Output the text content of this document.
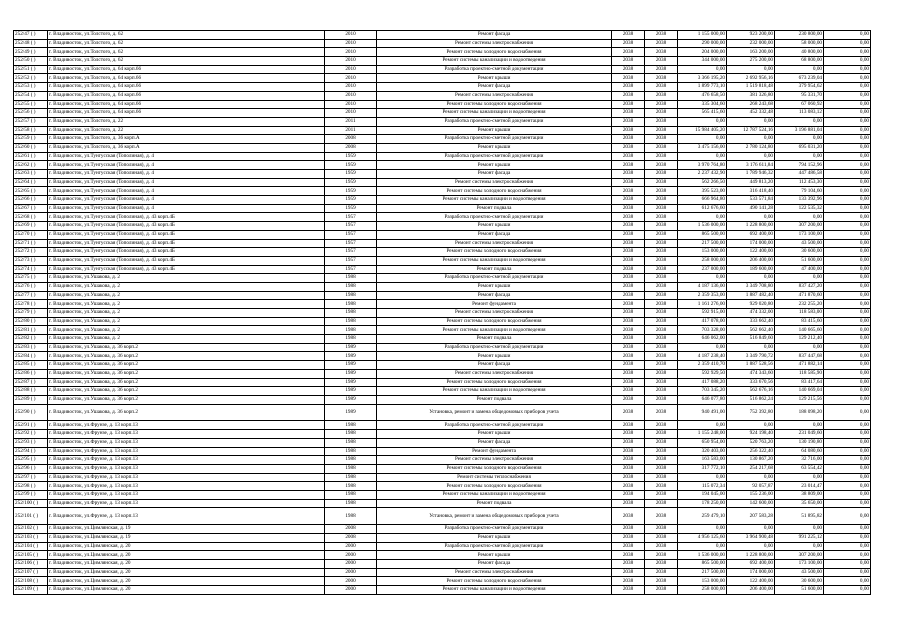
252/47 ( )	г. Владивосток, ул.Толстого, д. 62	2010	Ремонт фасада	2038	2038	1 155 000,00	923 200,00	230 800,00	0,00
252/48 ( )	г. Владивосток, ул.Толстого, д. 62	2010	Ремонт системы электроснабжения	2038	2038	290 000,00	232 000,00	58 000,00	0,00
252/49 ( )	г. Владивосток, ул.Толстого, д. 62	2010	Ремонт системы холодного водоснабжения	2038	2038	204 000,00	163 200,00	40 800,00	0,00
252/50 ( )	г. Владивосток, ул.Толстого, д. 62	2010	Ремонт системы канализации и водоотведения	2038	2038	344 000,00	275 200,00	68 800,00	0,00
252/51 ( )	г. Владивосток, ул.Толстого, д. 64 корп.66	2010	Разработка проектно-сметной документации	2038	2038	0,00	0,00	0,00	0,00
252/52 ( )	г. Владивосток, ул.Толстого, д. 64 корп.66	2010	Ремонт крыши	2038	2038	3 366 195,20	2 692 956,16	673 239,04	0,00
252/53 ( )	г. Владивосток, ул.Толстого, д. 64 корп.66	2010	Ремонт фасада	2038	2038	1 899 773,10	1 519 818,48	379 954,62	0,00
252/54 ( )	г. Владивосток, ул.Толстого, д. 64 корп.66	2010	Ремонт системы электроснабжения	2038	2038	476 658,50	381 326,80	95 331,70	0,00
252/55 ( )	г. Владивосток, ул.Толстого, д. 64 корп.66	2010	Ремонт системы холодного водоснабжения	2038	2038	335 304,60	268 243,68	67 060,92	0,00
252/56 ( )	г. Владивосток, ул.Толстого, д. 64 корп.66	2010	Ремонт системы канализации и водоотведения	2038	2038	565 415,60	452 332,48	113 083,12	0,00
252/57 ( )	г. Владивосток, ул.Толстого, д. 22	2011	Разработка проектно-сметной документации	2038	2038	0,00	0,00	0,00	0,00
252/58 ( )	г. Владивосток, ул.Толстого, д. 22	2011	Ремонт крыши	2038	2038	15 984 405,20	12 787 524,16	3 196 881,04	0,00
252/59 ( )	г. Владивосток, ул.Толстого, д. 36 корп.А	2008	Разработка проектно-сметной документации	2038	2038	0,00	0,00	0,00	0,00
252/60 ( )	г. Владивосток, ул.Толстого, д. 36 корп.А	2008	Ремонт крыши	2038	2038	3 475 156,00	2 780 124,80	695 031,20	0,00
252/61 ( )	г. Владивосток, ул.Тунгусская (Тополиная), д. 4	1959	Разработка проектно-сметной документации	2038	2038	0,00	0,00	0,00	0,00
252/62 ( )	г. Владивосток, ул.Тунгусская (Тополиная), д. 4	1959	Ремонт крыши	2038	2038	3 970 764,80	3 176 611,84	794 152,96	0,00
252/63 ( )	г. Владивосток, ул.Тунгусская (Тополиная), д. 4	1959	Ремонт фасада	2038	2038	2 237 432,90	1 789 946,32	447 486,58	0,00
252/64 ( )	г. Владивосток, ул.Тунгусская (Тополиная), д. 4	1959	Ремонт системы электроснабжения	2038	2038	562 266,50	449 813,20	112 453,30	0,00
252/65 ( )	г. Владивосток, ул.Тунгусская (Тополиная), д. 4	1959	Ремонт системы холодного водоснабжения	2038	2038	395 523,00	316 418,40	79 104,60	0,00
252/66 ( )	г. Владивосток, ул.Тунгусская (Тополиная), д. 4	1959	Ремонт системы канализации и водоотведения	2038	2038	666 964,80	533 571,84	133 392,96	0,00
252/67 ( )	г. Владивосток, ул.Тунгусская (Тополиная), д. 4	1959	Ремонт подвала	2038	2038	612 676,60	490 141,28	122 535,32	0,00
252/68 ( )	г. Владивосток, ул.Тунгусская (Тополиная), д. 43 корп.4Б	1957	Разработка проектно-сметной документации	2038	2038	0,00	0,00	0,00	0,00
252/69 ( )	г. Владивосток, ул.Тунгусская (Тополиная), д. 43 корп.4Б	1957	Ремонт крыши	2038	2038	1 536 000,00	1 228 800,00	307 200,00	0,00
252/70 ( )	г. Владивосток, ул.Тунгусская (Тополиная), д. 43 корп.4Б	1957	Ремонт фасада	2038	2038	865 500,00	692 400,00	173 100,00	0,00
252/71 ( )	г. Владивосток, ул.Тунгусская (Тополиная), д. 43 корп.4Б	1957	Ремонт системы электроснабжения	2038	2038	217 500,00	174 000,00	43 500,00	0,00
252/72 ( )	г. Владивосток, ул.Тунгусская (Тополиная), д. 43 корп.4Б	1957	Ремонт системы холодного водоснабжения	2038	2038	153 000,00	122 400,00	30 600,00	0,00
252/73 ( )	г. Владивосток, ул.Тунгусская (Тополиная), д. 43 корп.4Б	1957	Ремонт системы канализации и водоотведения	2038	2038	258 000,00	206 400,00	51 600,00	0,00
252/74 ( )	г. Владивосток, ул.Тунгусская (Тополиная), д. 43 корп.4Б	1957	Ремонт подвала	2038	2038	237 000,00	189 600,00	47 400,00	0,00
252/75 ( )	г. Владивосток, ул.Ушакова, д. 2	1988	Разработка проектно-сметной документации	2038	2038	0,00	0,00	0,00	0,00
252/76 ( )	г. Владивосток, ул.Ушакова, д. 2	1988	Ремонт крыши	2038	2038	4 187 136,00	3 349 708,80	837 427,20	0,00
252/77 ( )	г. Владивосток, ул.Ушакова, д. 2	1988	Ремонт фасада	2038	2038	2 359 353,00	1 887 482,40	471 870,60	0,00
252/78 ( )	г. Владивосток, ул.Ушакова, д. 2	1988	Ремонт фундамента	2038	2038	1 161 276,00	929 020,80	232 255,20	0,00
252/79 ( )	г. Владивосток, ул.Ушакова, д. 2	1988	Ремонт системы электроснабжения	2038	2038	592 915,00	474 332,00	118 583,00	0,00
252/80 ( )	г. Владивосток, ул.Ушакова, д. 2	1988	Ремонт системы холодного водоснабжения	2038	2038	417 078,00	333 662,40	83 415,60	0,00
252/81 ( )	г. Владивосток, ул.Ушакова, д. 2	1988	Ремонт системы канализации и водоотведения	2038	2038	703 328,00	562 662,40	140 665,60	0,00
252/82 ( )	г. Владивосток, ул.Ушакова, д. 2	1988	Ремонт подвала	2038	2038	646 062,00	516 849,60	129 212,40	0,00
252/83 ( )	г. Владивосток, ул.Ушакова, д. 36 корп.2	1989	Разработка проектно-сметной документации	2038	2038	0,00	0,00	0,00	0,00
252/84 ( )	г. Владивосток, ул.Ушакова, д. 36 корп.2	1989	Ремонт крыши	2038	2038	4 187 238,40	3 349 790,72	837 447,68	0,00
252/85 ( )	г. Владивосток, ул.Ушакова, д. 36 корп.2	1989	Ремонт фасада	2038	2038	2 359 410,70	1 887 528,56	471 882,14	0,00
252/86 ( )	г. Владивосток, ул.Ушакова, д. 36 корп.2	1989	Ремонт системы электроснабжения	2038	2038	592 929,50	474 343,60	118 585,90	0,00
252/87 ( )	г. Владивосток, ул.Ушакова, д. 36 корп.2	1989	Ремонт системы холодного водоснабжения	2038	2038	417 088,20	333 670,56	83 417,64	0,00
252/88 ( )	г. Владивосток, ул.Ушакова, д. 36 корп.2	1989	Ремонт системы канализации и водоотведения	2038	2038	703 345,20	562 676,16	140 669,04	0,00
252/89 ( )	г. Владивосток, ул.Ушакова, д. 36 корп.2	1989	Ремонт подвала	2038	2038	646 077,80	516 862,24	129 215,56	0,00
252/90 ( )	г. Владивосток, ул.Ушакова, д. 36 корп.2	1989	Установка, ремонт и замена общедомовых приборов учета	2038	2038	940 491,00	752 392,80	188 098,20	0,00
252/91 ( )	г. Владивосток, ул.Фрунзе, д. 13 корп.13	1988	Разработка проектно-сметной документации	2038	2038	0,00	0,00	0,00	0,00
252/92 ( )	г. Владивосток, ул.Фрунзе, д. 13 корп.13	1988	Ремонт крыши	2038	2038	1 155 248,00	924 198,40	231 049,60	0,00
252/93 ( )	г. Владивосток, ул.Фрунзе, д. 13 корп.13	1988	Ремонт фасада	2038	2038	650 954,00	520 763,20	130 190,80	0,00
252/94 ( )	г. Владивосток, ул.Фрунзе, д. 13 корп.13	1988	Ремонт фундамента	2038	2038	320 403,00	256 322,40	64 080,60	0,00
252/95 ( )	г. Владивосток, ул.Фрунзе, д. 13 корп.13	1988	Ремонт системы электроснабжения	2038	2038	163 583,00	130 867,20	32 716,00	0,00
252/96 ( )	г. Владивосток, ул.Фрунзе, д. 13 корп.13	1988	Ремонт системы холодного водоснабжения	2038	2038	317 772,10	254 217,68	63 554,42	0,00
252/97 ( )	г. Владивосток, ул.Фрунзе, д. 13 корп.13	1988	Ремонт системы теплоснабжения	2038	2038	0,00	0,00	0,00	0,00
252/98 ( )	г. Владивосток, ул.Фрунзе, д. 13 корп.13	1988	Ремонт системы холодного водоснабжения	2038	2038	115 072,34	92 057,87	23 014,47	0,00
252/99 ( )	г. Владивосток, ул.Фрунзе, д. 13 корп.13	1988	Ремонт системы канализации и водоотведения	2038	2038	194 045,00	155 236,00	38 809,00	0,00
252/100 ( )	г. Владивосток, ул.Фрунзе, д. 13 корп.13	1988	Ремонт подвала	2038	2038	178 250,00	142 600,00	35 650,00	0,00
252/101 ( )	г. Владивосток, ул.Фрунзе, д. 13 корп.13	1988	Установка, ремонт и замена общедомовых приборов учета	2038	2038	259 479,10	207 583,28	51 895,82	0,00
252/102 ( )	г. Владивосток, ул.Цимлянская, д. 19	2008	Разработка проектно-сметной документации	2038	2038	0,00	0,00	0,00	0,00
252/103 ( )	г. Владивосток, ул.Цимлянская, д. 19	2008	Ремонт крыши	2038	2038	4 956 125,60	3 964 900,48	991 225,12	0,00
252/104 ( )	г. Владивосток, ул.Цимлянская, д. 20	2000	Разработка проектно-сметной документации	2038	2038	0,00	0,00	0,00	0,00
252/105 ( )	г. Владивосток, ул.Цимлянская, д. 20	2000	Ремонт крыши	2038	2038	1 536 000,00	1 228 800,00	307 200,00	0,00
252/106 ( )	г. Владивосток, ул.Цимлянская, д. 20	2000	Ремонт фасада	2038	2038	865 500,00	692 400,00	173 100,00	0,00
252/107 ( )	г. Владивосток, ул.Цимлянская, д. 20	2000	Ремонт системы электроснабжения	2038	2038	217 500,00	174 000,00	43 500,00	0,00
252/108 ( )	г. Владивосток, ул.Цимлянская, д. 20	2000	Ремонт системы холодного водоснабжения	2038	2038	153 000,00	122 400,00	30 600,00	0,00
252/109 ( )	г. Владивосток, ул.Цимлянская, д. 20	2000	Ремонт системы канализации и водоотведения	2038	2038	258 000,00	206 400,00	51 600,00	0,00
